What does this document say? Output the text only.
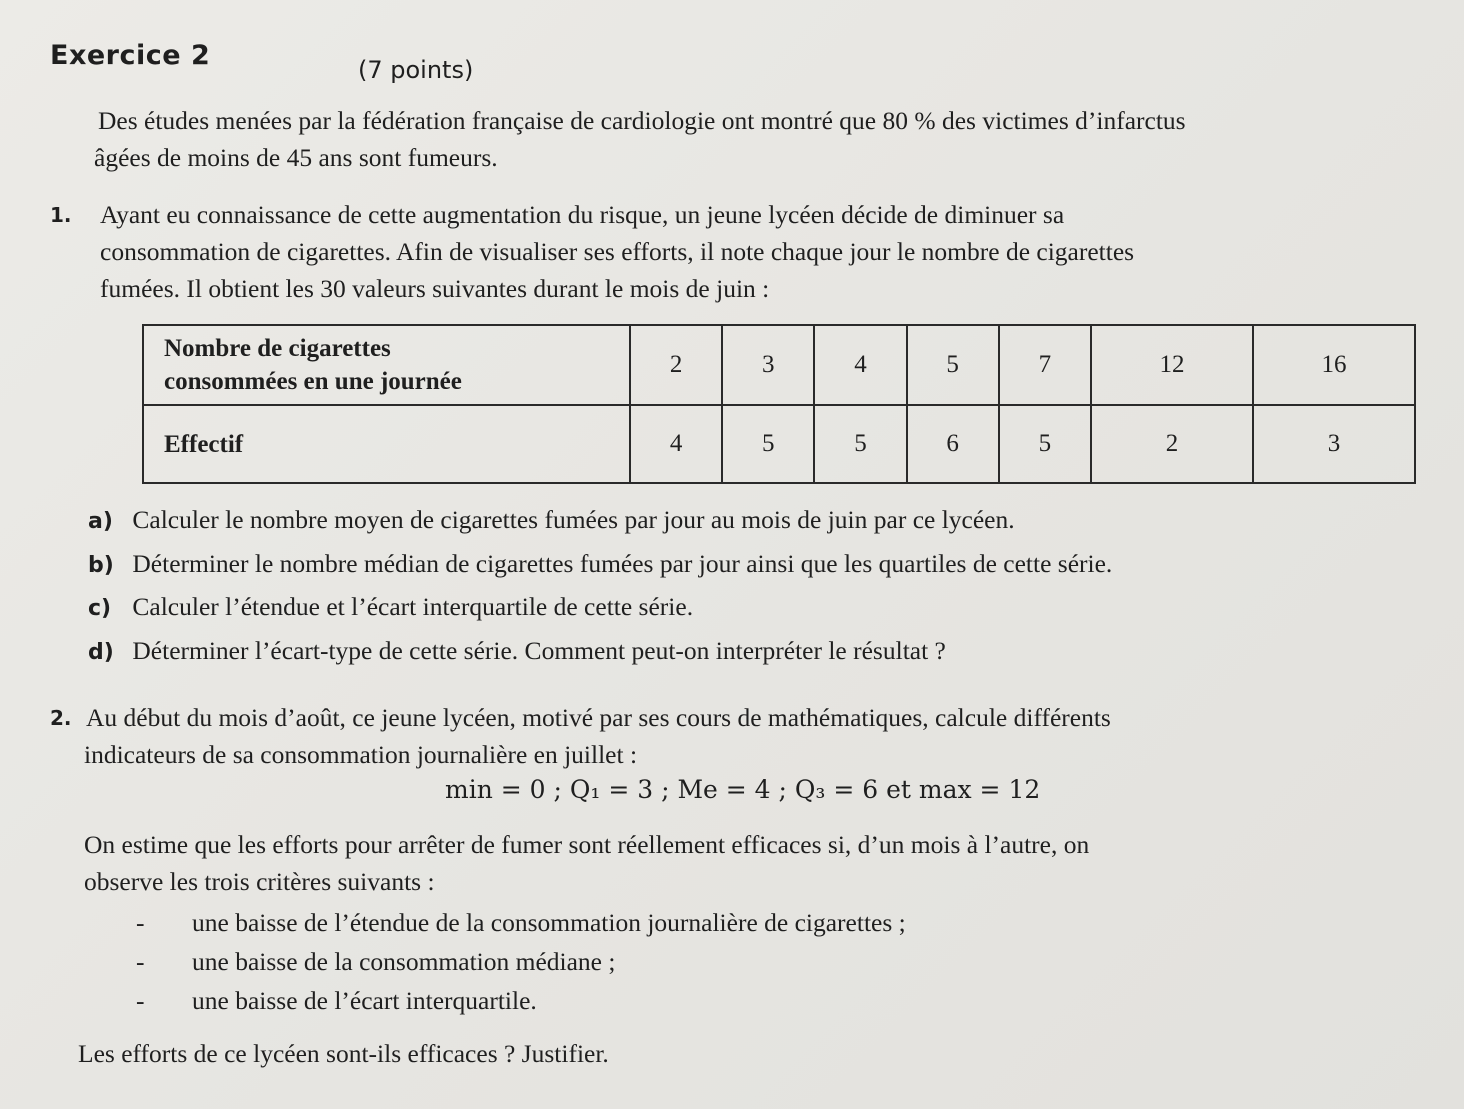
Exercice 2	(7 points)
Des études menées par la fédération française de cardiologie ont montré que 80 % des victimes d’infarctus
âgées de moins de 45 ans sont fumeurs.
1. Ayant eu connaissance de cette augmentation du risque, un jeune lycéen décide de diminuer sa
consommation de cigarettes. Afin de visualiser ses efforts, il note chaque jour le nombre de cigarettes
fumées. Il obtient les 30 valeurs suivantes durant le mois de juin :
Nombre de cigarettes
consommées en une journée	2	3	4	5	7	12	16
Effectif	4	5	5	6	5	2	3
a) Calculer le nombre moyen de cigarettes fumées par jour au mois de juin par ce lycéen.
b) Déterminer le nombre médian de cigarettes fumées par jour ainsi que les quartiles de cette série.
c) Calculer l’étendue et l’écart interquartile de cette série.
d) Déterminer l’écart-type de cette série. Comment peut-on interpréter le résultat ?
2. Au début du mois d’août, ce jeune lycéen, motivé par ses cours de mathématiques, calcule différents
indicateurs de sa consommation journalière en juillet :
min = 0 ; Q₁ = 3 ; Me = 4 ; Q₃ = 6 et max = 12
On estime que les efforts pour arrêter de fumer sont réellement efficaces si, d’un mois à l’autre, on
observe les trois critères suivants :
- une baisse de l’étendue de la consommation journalière de cigarettes ;
- une baisse de la consommation médiane ;
- une baisse de l’écart interquartile.
Les efforts de ce lycéen sont-ils efficaces ? Justifier.
